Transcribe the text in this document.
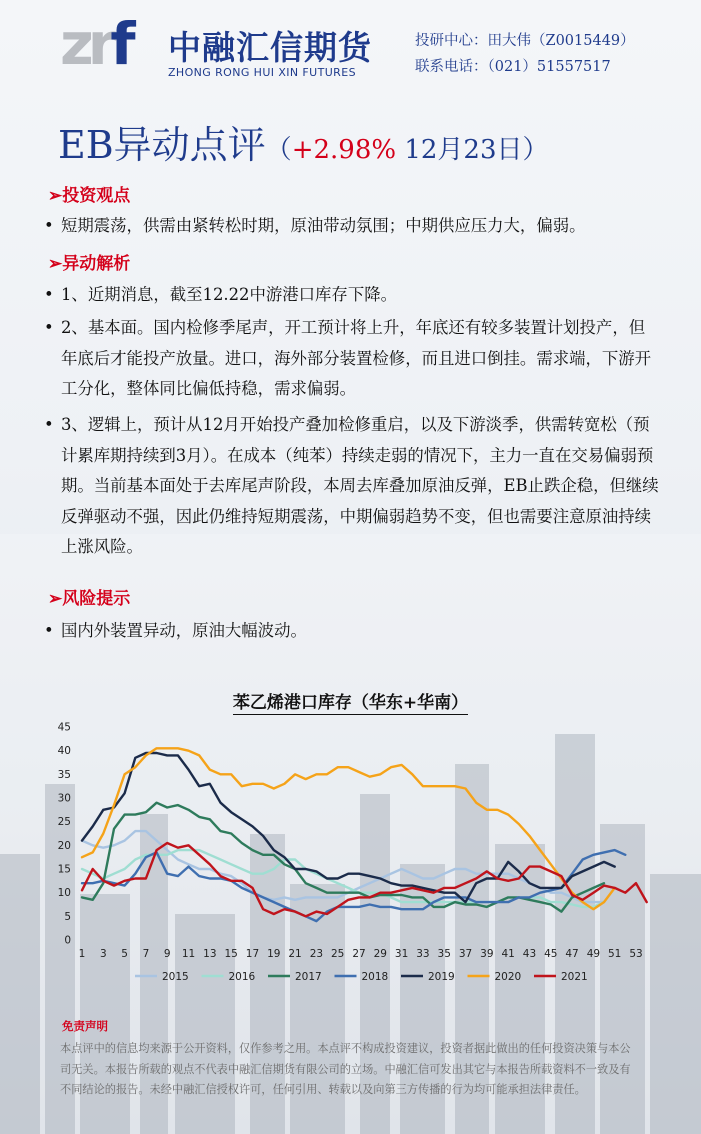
zrf 中融汇信期货
ZHONG RONG HUI XIN FUTURES
投研中心：田大伟（Z0015449）
联系电话：（021）51557517
EB异动点评（+2.98% 12月23日）
➢投资观点
• 短期震荡，供需由紧转松时期，原油带动氛围；中期供应压力大，偏弱。
➢异动解析
• 1、近期消息，截至12.22中游港口库存下降。
• 2、基本面。国内检修季尾声，开工预计将上升，年底还有较多装置计划投产，但年底后才能投产放量。进口，海外部分装置检修，而且进口倒挂。需求端，下游开工分化，整体同比偏低持稳，需求偏弱。
• 3、逻辑上，预计从12月开始投产叠加检修重启，以及下游淡季，供需转宽松（预计累库期持续到3月）。在成本（纯苯）持续走弱的情况下，主力一直在交易偏弱预期。当前基本面处于去库尾声阶段，本周去库叠加原油反弹，EB止跌企稳，但继续反弹驱动不强，因此仍维持短期震荡，中期偏弱趋势不变，但也需要注意原油持续上涨风险。
➢风险提示
• 国内外装置异动，原油大幅波动。
苯乙烯港口库存（华东+华南）
0
5
10
15
20
25
30
35
40
45
1 3 5 7 9 11 13 15 17 19 21 23 25 27 29 31 33 35 37 39 41 43 45 47 49 51 53
2015	2016	2017	2018	2019	2020	2021
免责声明
本点评中的信息均来源于公开资料，仅作参考之用。本点评不构成投资建议，投资者据此做出的任何投资决策与本公司无关。本报告所载的观点不代表中融汇信期货有限公司的立场。中融汇信可发出其它与本报告所载资料不一致及有不同结论的报告。未经中融汇信授权许可，任何引用、转载以及向第三方传播的行为均可能承担法律责任。
